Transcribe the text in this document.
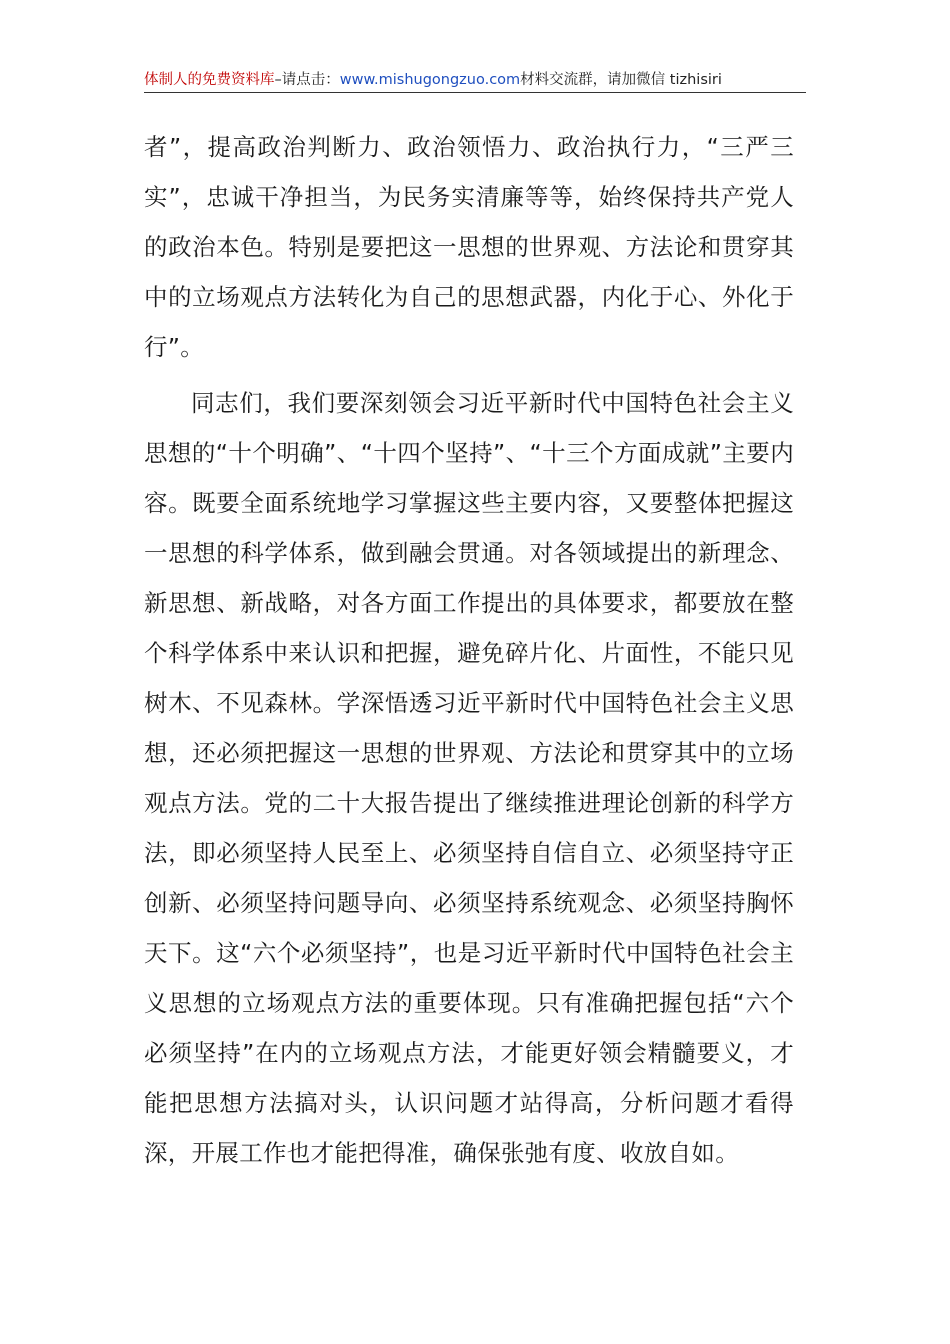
体制人的免费资料库–请点击：www.mishugongzuo.com材料交流群，请加微信 tizhisiri

者”，提高政治判断力、政治领悟力、政治执行力，“三严三实”，忠诚干净担当，为民务实清廉等等，始终保持共产党人的政治本色。特别是要把这一思想的世界观、方法论和贯穿其中的立场观点方法转化为自己的思想武器，内化于心、外化于行”。

同志们，我们要深刻领会习近平新时代中国特色社会主义思想的“十个明确”、“十四个坚持”、“十三个方面成就”主要内容。既要全面系统地学习掌握这些主要内容，又要整体把握这一思想的科学体系，做到融会贯通。对各领域提出的新理念、新思想、新战略，对各方面工作提出的具体要求，都要放在整个科学体系中来认识和把握，避免碎片化、片面性，不能只见树木、不见森林。学深悟透习近平新时代中国特色社会主义思想，还必须把握这一思想的世界观、方法论和贯穿其中的立场观点方法。党的二十大报告提出了继续推进理论创新的科学方法，即必须坚持人民至上、必须坚持自信自立、必须坚持守正创新、必须坚持问题导向、必须坚持系统观念、必须坚持胸怀天下。这“六个必须坚持”，也是习近平新时代中国特色社会主义思想的立场观点方法的重要体现。只有准确把握包括“六个必须坚持”在内的立场观点方法，才能更好领会精髓要义，才能把思想方法搞对头，认识问题才站得高，分析问题才看得深，开展工作也才能把得准，确保张弛有度、收放自如。
